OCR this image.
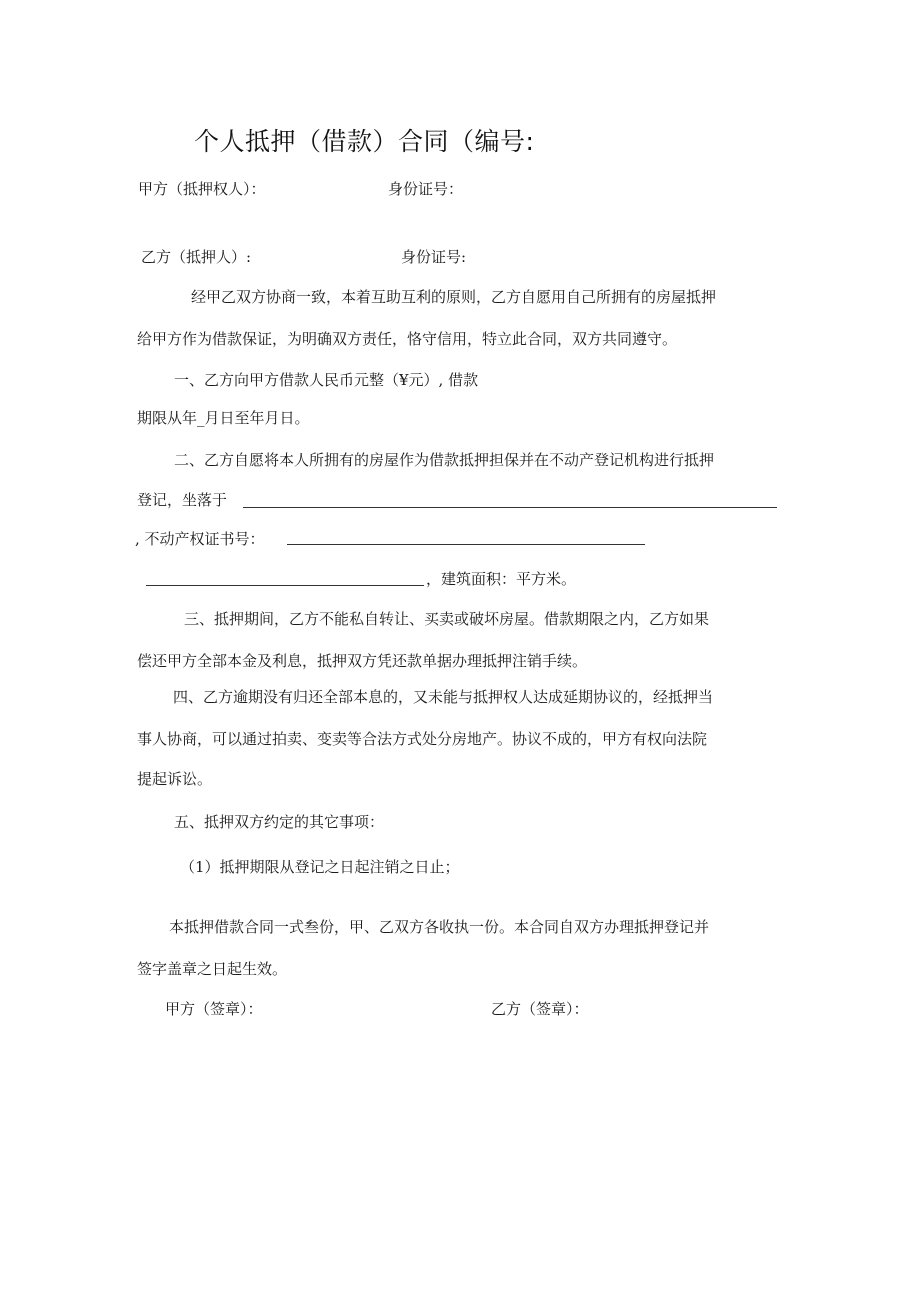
个人抵押（借款）合同（编号:
甲方（抵押权人）：	身份证号：
乙方（抵押人）:	身份证号:
经甲乙双方协商一致，本着互助互利的原则，乙方自愿用自己所拥有的房屋抵押
给甲方作为借款保证，为明确双方责任，恪守信用，特立此合同，双方共同遵守。
一、乙方向甲方借款人民币元整（¥元）, 借款
期限从年_月日至年月日。
二、乙方自愿将本人所拥有的房屋作为借款抵押担保并在不动产登记机构进行抵押
登记，坐落于
, 不动产权证书号：
，建筑面积：平方米。
三、抵押期间，乙方不能私自转让、买卖或破坏房屋。借款期限之内，乙方如果
偿还甲方全部本金及利息，抵押双方凭还款单据办理抵押注销手续。
四、乙方逾期没有归还全部本息的，又未能与抵押权人达成延期协议的，经抵押当
事人协商，可以通过拍卖、变卖等合法方式处分房地产。协议不成的，甲方有权向法院
提起诉讼。
五、抵押双方约定的其它事项：
（1）抵押期限从登记之日起注销之日止；
本抵押借款合同一式叁份，甲、乙双方各收执一份。本合同自双方办理抵押登记并
签字盖章之日起生效。
甲方（签章）：	乙方（签章）：
